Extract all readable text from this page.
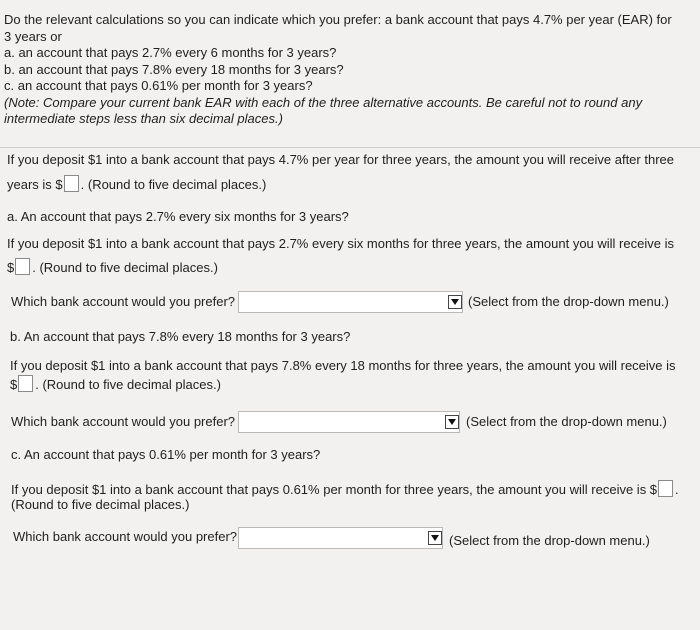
Do the relevant calculations so you can indicate which you prefer: a bank account that pays 4.7% per year (EAR) for
3 years or
a. an account that pays 2.7% every 6 months for 3 years?
b. an account that pays 7.8% every 18 months for 3 years?
c. an account that pays 0.61% per month for 3 years?
(Note: Compare your current bank EAR with each of the three alternative accounts. Be careful not to round any
intermediate steps less than six decimal places.)
If you deposit $1 into a bank account that pays 4.7% per year for three years, the amount you will receive after three
years is $ . (Round to five decimal places.)
a. An account that pays 2.7% every six months for 3 years?
If you deposit $1 into a bank account that pays 2.7% every six months for three years, the amount you will receive is
$ . (Round to five decimal places.)
Which bank account would you prefer?	(Select from the drop-down menu.)
b. An account that pays 7.8% every 18 months for 3 years?
If you deposit $1 into a bank account that pays 7.8% every 18 months for three years, the amount you will receive is
$ . (Round to five decimal places.)
Which bank account would you prefer?	(Select from the drop-down menu.)
c. An account that pays 0.61% per month for 3 years?
If you deposit $1 into a bank account that pays 0.61% per month for three years, the amount you will receive is $ .
(Round to five decimal places.)
Which bank account would you prefer?	(Select from the drop-down menu.)
